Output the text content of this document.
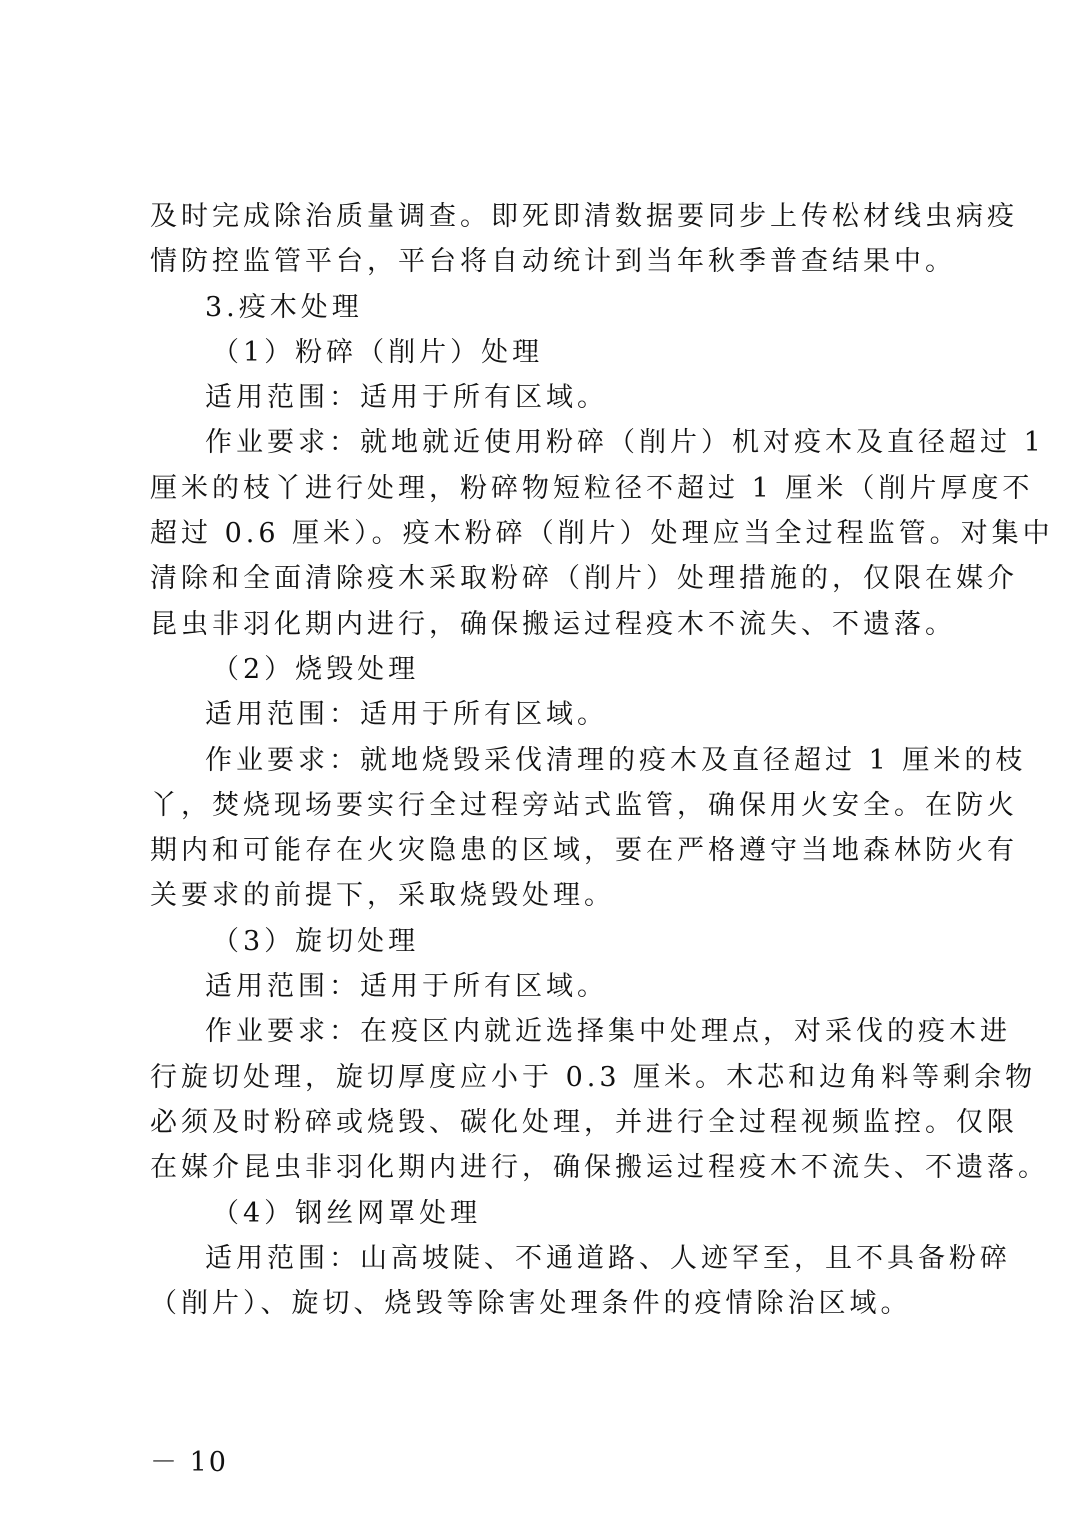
及时完成除治质量调查。即死即清数据要同步上传松材线虫病疫
情防控监管平台，平台将自动统计到当年秋季普查结果中。
3.疫木处理
（1）粉碎（削片）处理
适用范围：适用于所有区域。
作业要求：就地就近使用粉碎（削片）机对疫木及直径超过 1
厘米的枝丫进行处理，粉碎物短粒径不超过 1 厘米（削片厚度不
超过 0.6 厘米）。疫木粉碎（削片）处理应当全过程监管。对集中
清除和全面清除疫木采取粉碎（削片）处理措施的，仅限在媒介
昆虫非羽化期内进行，确保搬运过程疫木不流失、不遗落。
（2）烧毁处理
适用范围：适用于所有区域。
作业要求：就地烧毁采伐清理的疫木及直径超过 1 厘米的枝
丫，焚烧现场要实行全过程旁站式监管，确保用火安全。在防火
期内和可能存在火灾隐患的区域，要在严格遵守当地森林防火有
关要求的前提下，采取烧毁处理。
（3）旋切处理
适用范围：适用于所有区域。
作业要求：在疫区内就近选择集中处理点，对采伐的疫木进
行旋切处理，旋切厚度应小于 0.3 厘米。木芯和边角料等剩余物
必须及时粉碎或烧毁、碳化处理，并进行全过程视频监控。仅限
在媒介昆虫非羽化期内进行，确保搬运过程疫木不流失、不遗落。
（4）钢丝网罩处理
适用范围：山高坡陡、不通道路、人迹罕至，且不具备粉碎
（削片）、旋切、烧毁等除害处理条件的疫情除治区域。
－ 10
